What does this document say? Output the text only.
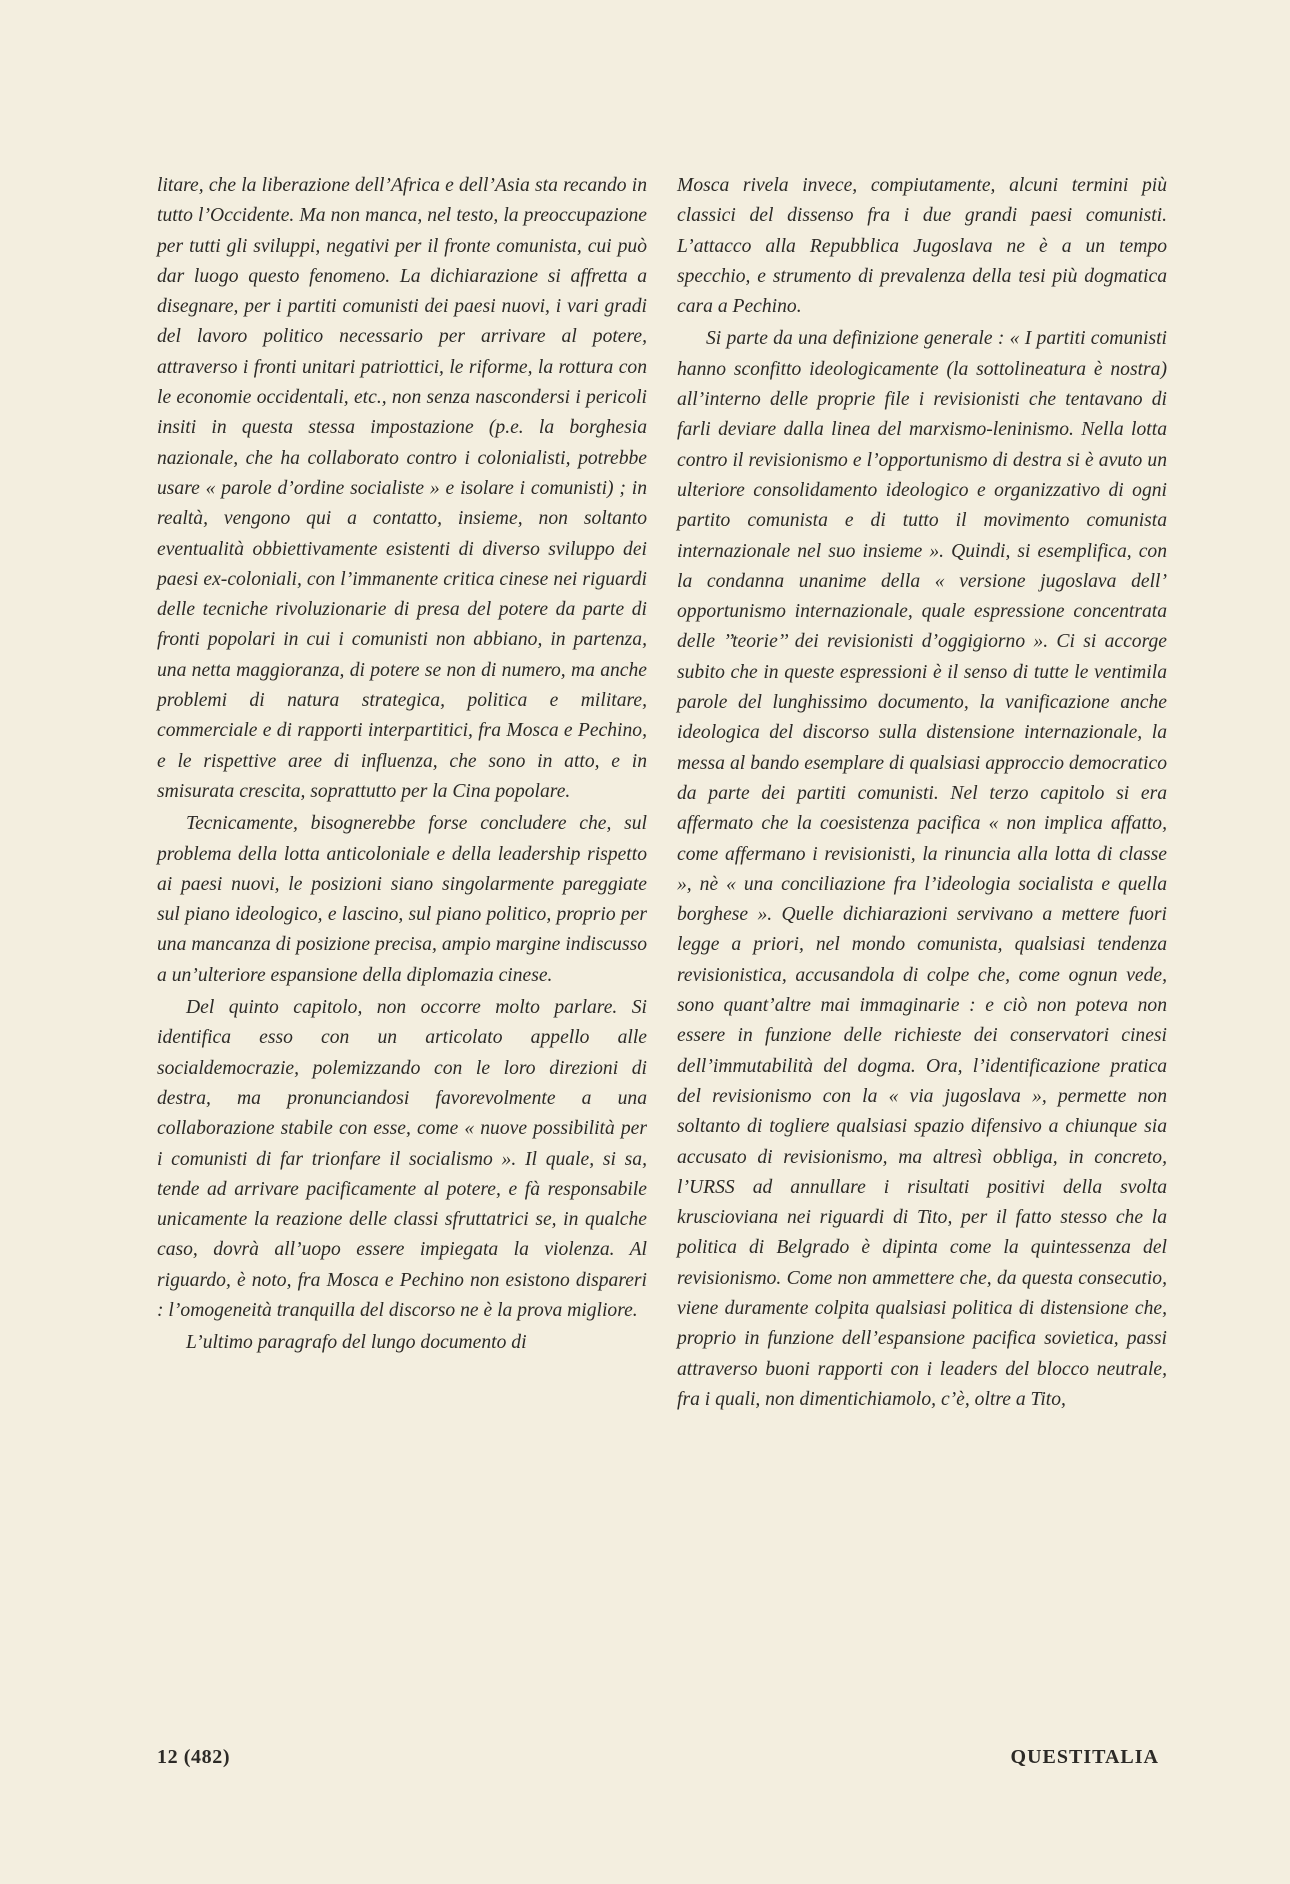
litare, che la liberazione dell’Africa e dell’Asia sta recando in tutto l’Occidente. Ma non manca, nel testo, la preoccupazione per tutti gli sviluppi, negativi per il fronte comunista, cui può dar luogo questo fenomeno. La dichiarazione si affretta a disegnare, per i partiti comunisti dei paesi nuovi, i vari gradi del lavoro politico necessario per arrivare al potere, attraverso i fronti unitari patriottici, le riforme, la rottura con le economie occidentali, etc., non senza nascondersi i pericoli insiti in questa stessa impostazione (p.e. la borghesia nazionale, che ha collaborato contro i colonialisti, potrebbe usare « parole d’ordine socialiste » e isolare i comunisti) ; in realtà, vengono qui a contatto, insieme, non soltanto eventualità obbiettivamente esistenti di diverso sviluppo dei paesi ex-coloniali, con l’immanente critica cinese nei riguardi delle tecniche rivoluzionarie di presa del potere da parte di fronti popolari in cui i comunisti non abbiano, in partenza, una netta maggioranza, di potere se non di numero, ma anche problemi di natura strategica, politica e militare, commerciale e di rapporti interpartitici, fra Mosca e Pechino, e le rispettive aree di influenza, che sono in atto, e in smisurata crescita, soprattutto per la Cina popolare.

Tecnicamente, bisognerebbe forse concludere che, sul problema della lotta anticoloniale e della leadership rispetto ai paesi nuovi, le posizioni siano singolarmente pareggiate sul piano ideologico, e lascino, sul piano politico, proprio per una mancanza di posizione precisa, ampio margine indiscusso a un’ulteriore espansione della diplomazia cinese.

Del quinto capitolo, non occorre molto parlare. Si identifica esso con un articolato appello alle socialdemocrazie, polemizzando con le loro direzioni di destra, ma pronunciandosi favorevolmente a una collaborazione stabile con esse, come « nuove possibilità per i comunisti di far trionfare il socialismo ». Il quale, si sa, tende ad arrivare pacificamente al potere, e fà responsabile unicamente la reazione delle classi sfruttatrici se, in qualche caso, dovrà all’uopo essere impiegata la violenza. Al riguardo, è noto, fra Mosca e Pechino non esistono dispareri : l’omogeneità tranquilla del discorso ne è la prova migliore.

L’ultimo paragrafo del lungo documento di

Mosca rivela invece, compiutamente, alcuni termini più classici del dissenso fra i due grandi paesi comunisti. L’attacco alla Repubblica Jugoslava ne è a un tempo specchio, e strumento di prevalenza della tesi più dogmatica cara a Pechino.

Si parte da una definizione generale : « I partiti comunisti hanno sconfitto ideologicamente (la sottolineatura è nostra) all’interno delle proprie file i revisionisti che tentavano di farli deviare dalla linea del marxismo-leninismo. Nella lotta contro il revisionismo e l’opportunismo di destra si è avuto un ulteriore consolidamento ideologico e organizzativo di ogni partito comunista e di tutto il movimento comunista internazionale nel suo insieme ». Quindi, si esemplifica, con la condanna unanime della « versione jugoslava dell’ opportunismo internazionale, quale espressione concentrata delle ’’teorie’’ dei revisionisti d’oggigiorno ». Ci si accorge subito che in queste espressioni è il senso di tutte le ventimila parole del lunghissimo documento, la vanificazione anche ideologica del discorso sulla distensione internazionale, la messa al bando esemplare di qualsiasi approccio democratico da parte dei partiti comunisti. Nel terzo capitolo si era affermato che la coesistenza pacifica « non implica affatto, come affermano i revisionisti, la rinuncia alla lotta di classe », nè « una conciliazione fra l’ideologia socialista e quella borghese ». Quelle dichiarazioni servivano a mettere fuori legge a priori, nel mondo comunista, qualsiasi tendenza revisionistica, accusandola di colpe che, come ognun vede, sono quant’altre mai immaginarie : e ciò non poteva non essere in funzione delle richieste dei conservatori cinesi dell’immutabilità del dogma. Ora, l’identificazione pratica del revisionismo con la « via jugoslava », permette non soltanto di togliere qualsiasi spazio difensivo a chiunque sia accusato di revisionismo, ma altresì obbliga, in concreto, l’URSS ad annullare i risultati positivi della svolta kruscioviana nei riguardi di Tito, per il fatto stesso che la politica di Belgrado è dipinta come la quintessenza del revisionismo. Come non ammettere che, da questa consecutio, viene duramente colpita qualsiasi politica di distensione che, proprio in funzione dell’espansione pacifica sovietica, passi attraverso buoni rapporti con i leaders del blocco neutrale, fra i quali, non dimentichiamolo, c’è, oltre a Tito,

12 (482)	QUESTITALIA
